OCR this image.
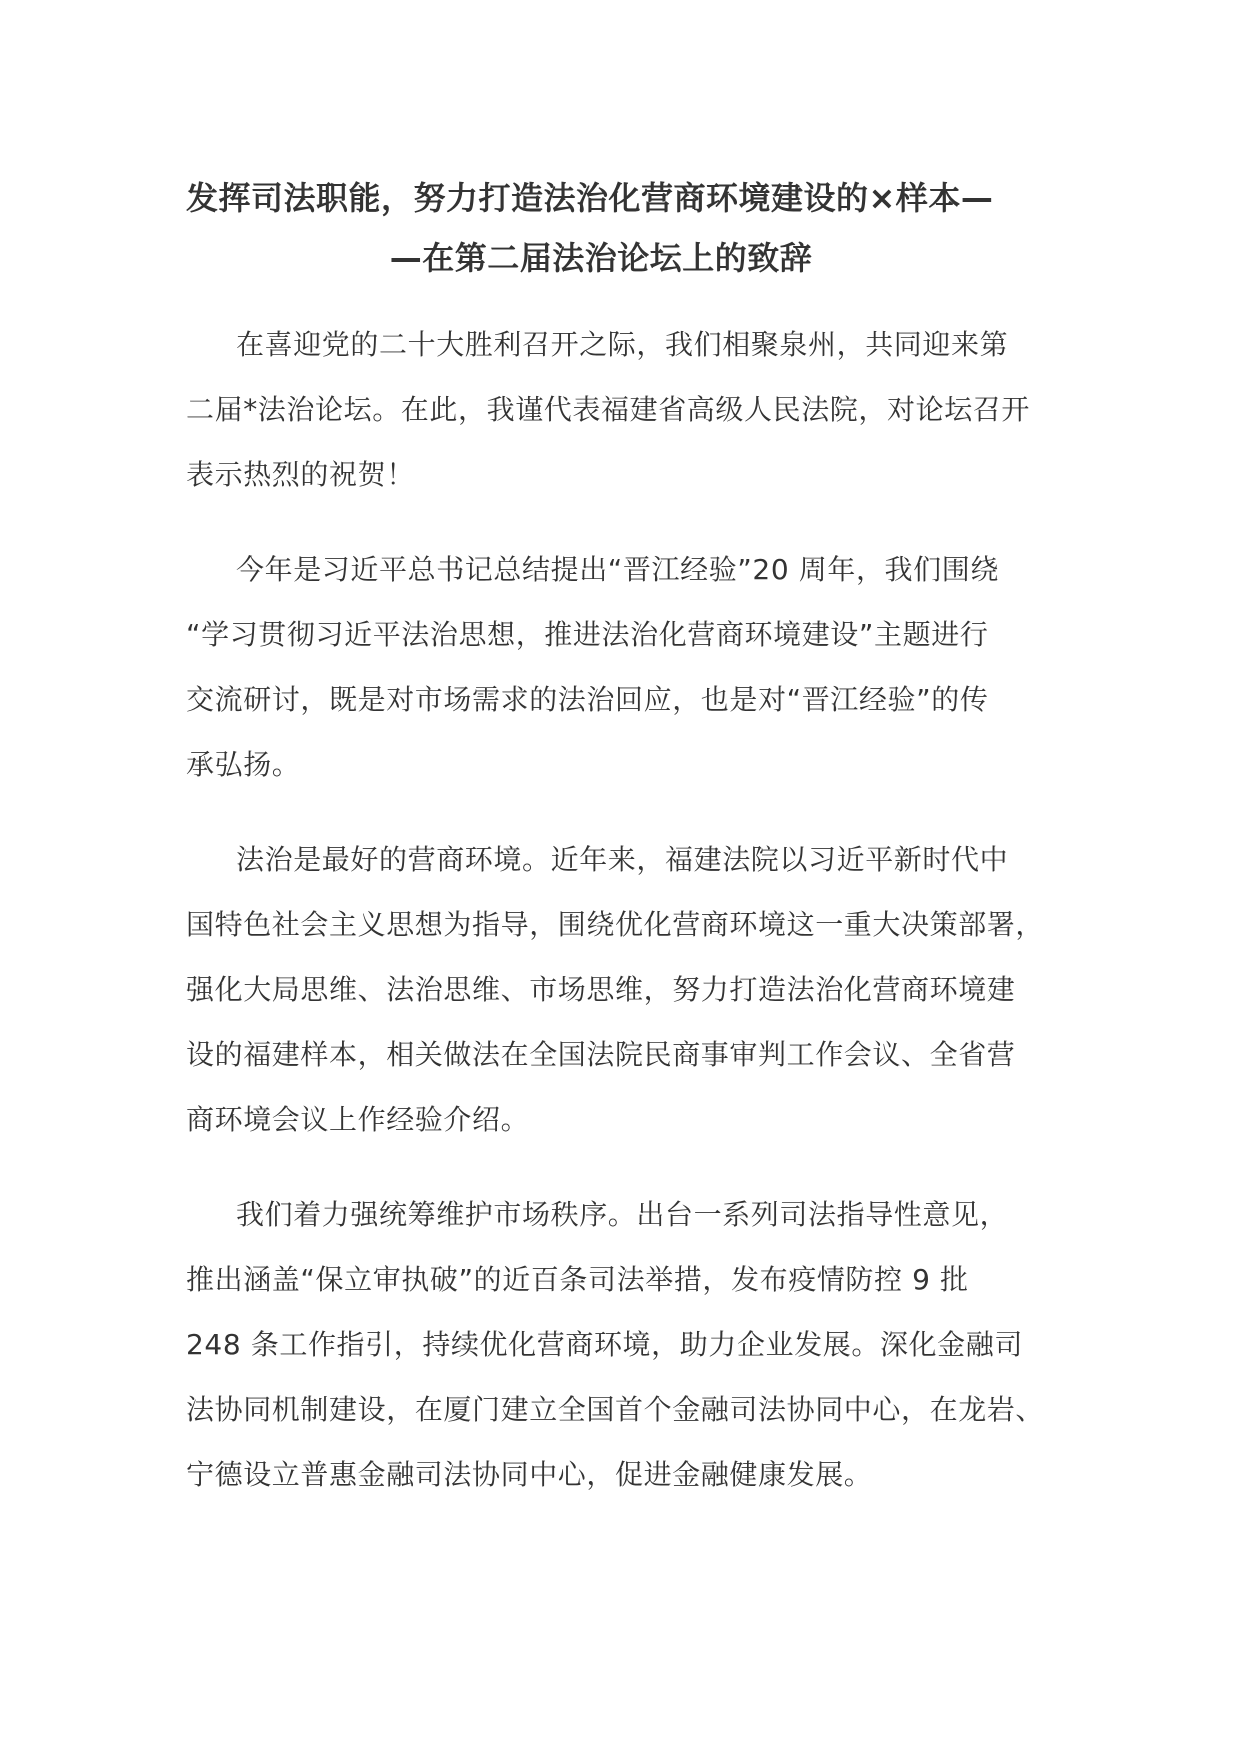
发挥司法职能，努力打造法治化营商环境建设的×样本—
—在第二届法治论坛上的致辞
在喜迎党的二十大胜利召开之际，我们相聚泉州，共同迎来第
二届*法治论坛。在此，我谨代表福建省高级人民法院，对论坛召开
表示热烈的祝贺！
今年是习近平总书记总结提出“晋江经验”20 周年，我们围绕
“学习贯彻习近平法治思想，推进法治化营商环境建设”主题进行
交流研讨，既是对市场需求的法治回应，也是对“晋江经验”的传
承弘扬。
法治是最好的营商环境。近年来，福建法院以习近平新时代中
国特色社会主义思想为指导，围绕优化营商环境这一重大决策部署，
强化大局思维、法治思维、市场思维，努力打造法治化营商环境建
设的福建样本，相关做法在全国法院民商事审判工作会议、全省营
商环境会议上作经验介绍。
我们着力强统筹维护市场秩序。出台一系列司法指导性意见，
推出涵盖“保立审执破”的近百条司法举措，发布疫情防控 9 批
248 条工作指引，持续优化营商环境，助力企业发展。深化金融司
法协同机制建设，在厦门建立全国首个金融司法协同中心，在龙岩、
宁德设立普惠金融司法协同中心，促进金融健康发展。
